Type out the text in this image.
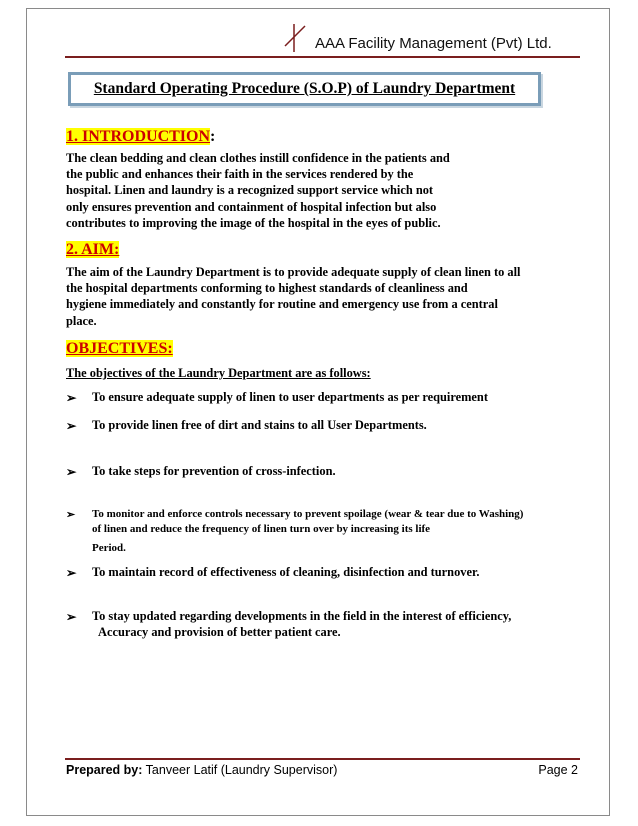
AAA Facility Management (Pvt) Ltd.
Standard Operating Procedure (S.O.P) of Laundry Department
1. INTRODUCTION:
The clean bedding and clean clothes instill confidence in the patients and
the public and enhances their faith in the services rendered by the
hospital. Linen and laundry is a recognized support service which not
only ensures prevention and containment of hospital infection but also
contributes to improving the image of the hospital in the eyes of public.
2. AIM:
The aim of the Laundry Department is to provide adequate supply of clean linen to all
the hospital departments conforming to highest standards of cleanliness and
hygiene immediately and constantly for routine and emergency use from a central
place.
OBJECTIVES:
The objectives of the Laundry Department are as follows:
➢	To ensure adequate supply of linen to user departments as per requirement
➢	To provide linen free of dirt and stains to all User Departments.
➢	To take steps for prevention of cross-infection.
➢	To monitor and enforce controls necessary to prevent spoilage (wear & tear due to Washing)
of linen and reduce the frequency of linen turn over by increasing its life
Period.
➢	To maintain record of effectiveness of cleaning, disinfection and turnover.
➢	To stay updated regarding developments in the field in the interest of efficiency,
Accuracy and provision of better patient care.
Prepared by: Tanveer Latif (Laundry Supervisor)	Page 2
